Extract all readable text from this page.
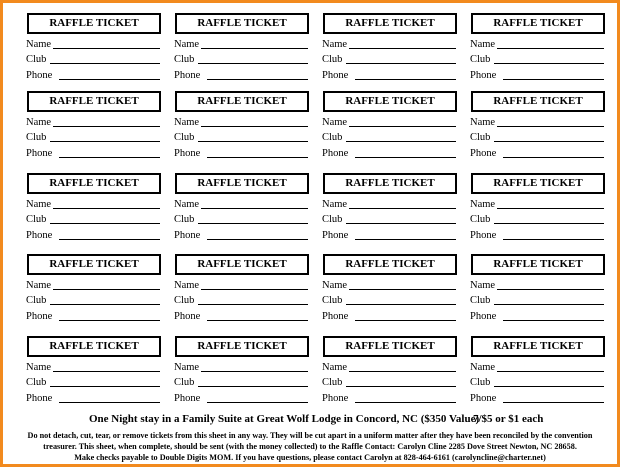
RAFFLE TICKET
Name
Club
Phone
RAFFLE TICKET
Name
Club
Phone
RAFFLE TICKET
Name
Club
Phone
RAFFLE TICKET
Name
Club
Phone
RAFFLE TICKET
Name
Club
Phone
RAFFLE TICKET
Name
Club
Phone
RAFFLE TICKET
Name
Club
Phone
RAFFLE TICKET
Name
Club
Phone
RAFFLE TICKET
Name
Club
Phone
RAFFLE TICKET
Name
Club
Phone
RAFFLE TICKET
Name
Club
Phone
RAFFLE TICKET
Name
Club
Phone
RAFFLE TICKET
Name
Club
Phone
RAFFLE TICKET
Name
Club
Phone
RAFFLE TICKET
Name
Club
Phone
RAFFLE TICKET
Name
Club
Phone
RAFFLE TICKET
Name
Club
Phone
RAFFLE TICKET
Name
Club
Phone
RAFFLE TICKET
Name
Club
Phone
RAFFLE TICKET
Name
Club
Phone
One Night stay in a Family Suite at Great Wolf Lodge in Concord, NC ($350 Value)
7/$5 or $1 each
Do not detach, cut, tear, or remove tickets from this sheet in any way. They will be cut apart in a uniform matter after they have been reconciled by the convention
treasurer. This sheet, when complete, should be sent (with the money collected) to the Raffle Contact: Carolyn Cline 2285 Dove Street Newton, NC 28658.
Make checks payable to Double Digits MOM. If you have questions, please contact Carolyn at 828-464-6161 (carolyncline@charter.net)
